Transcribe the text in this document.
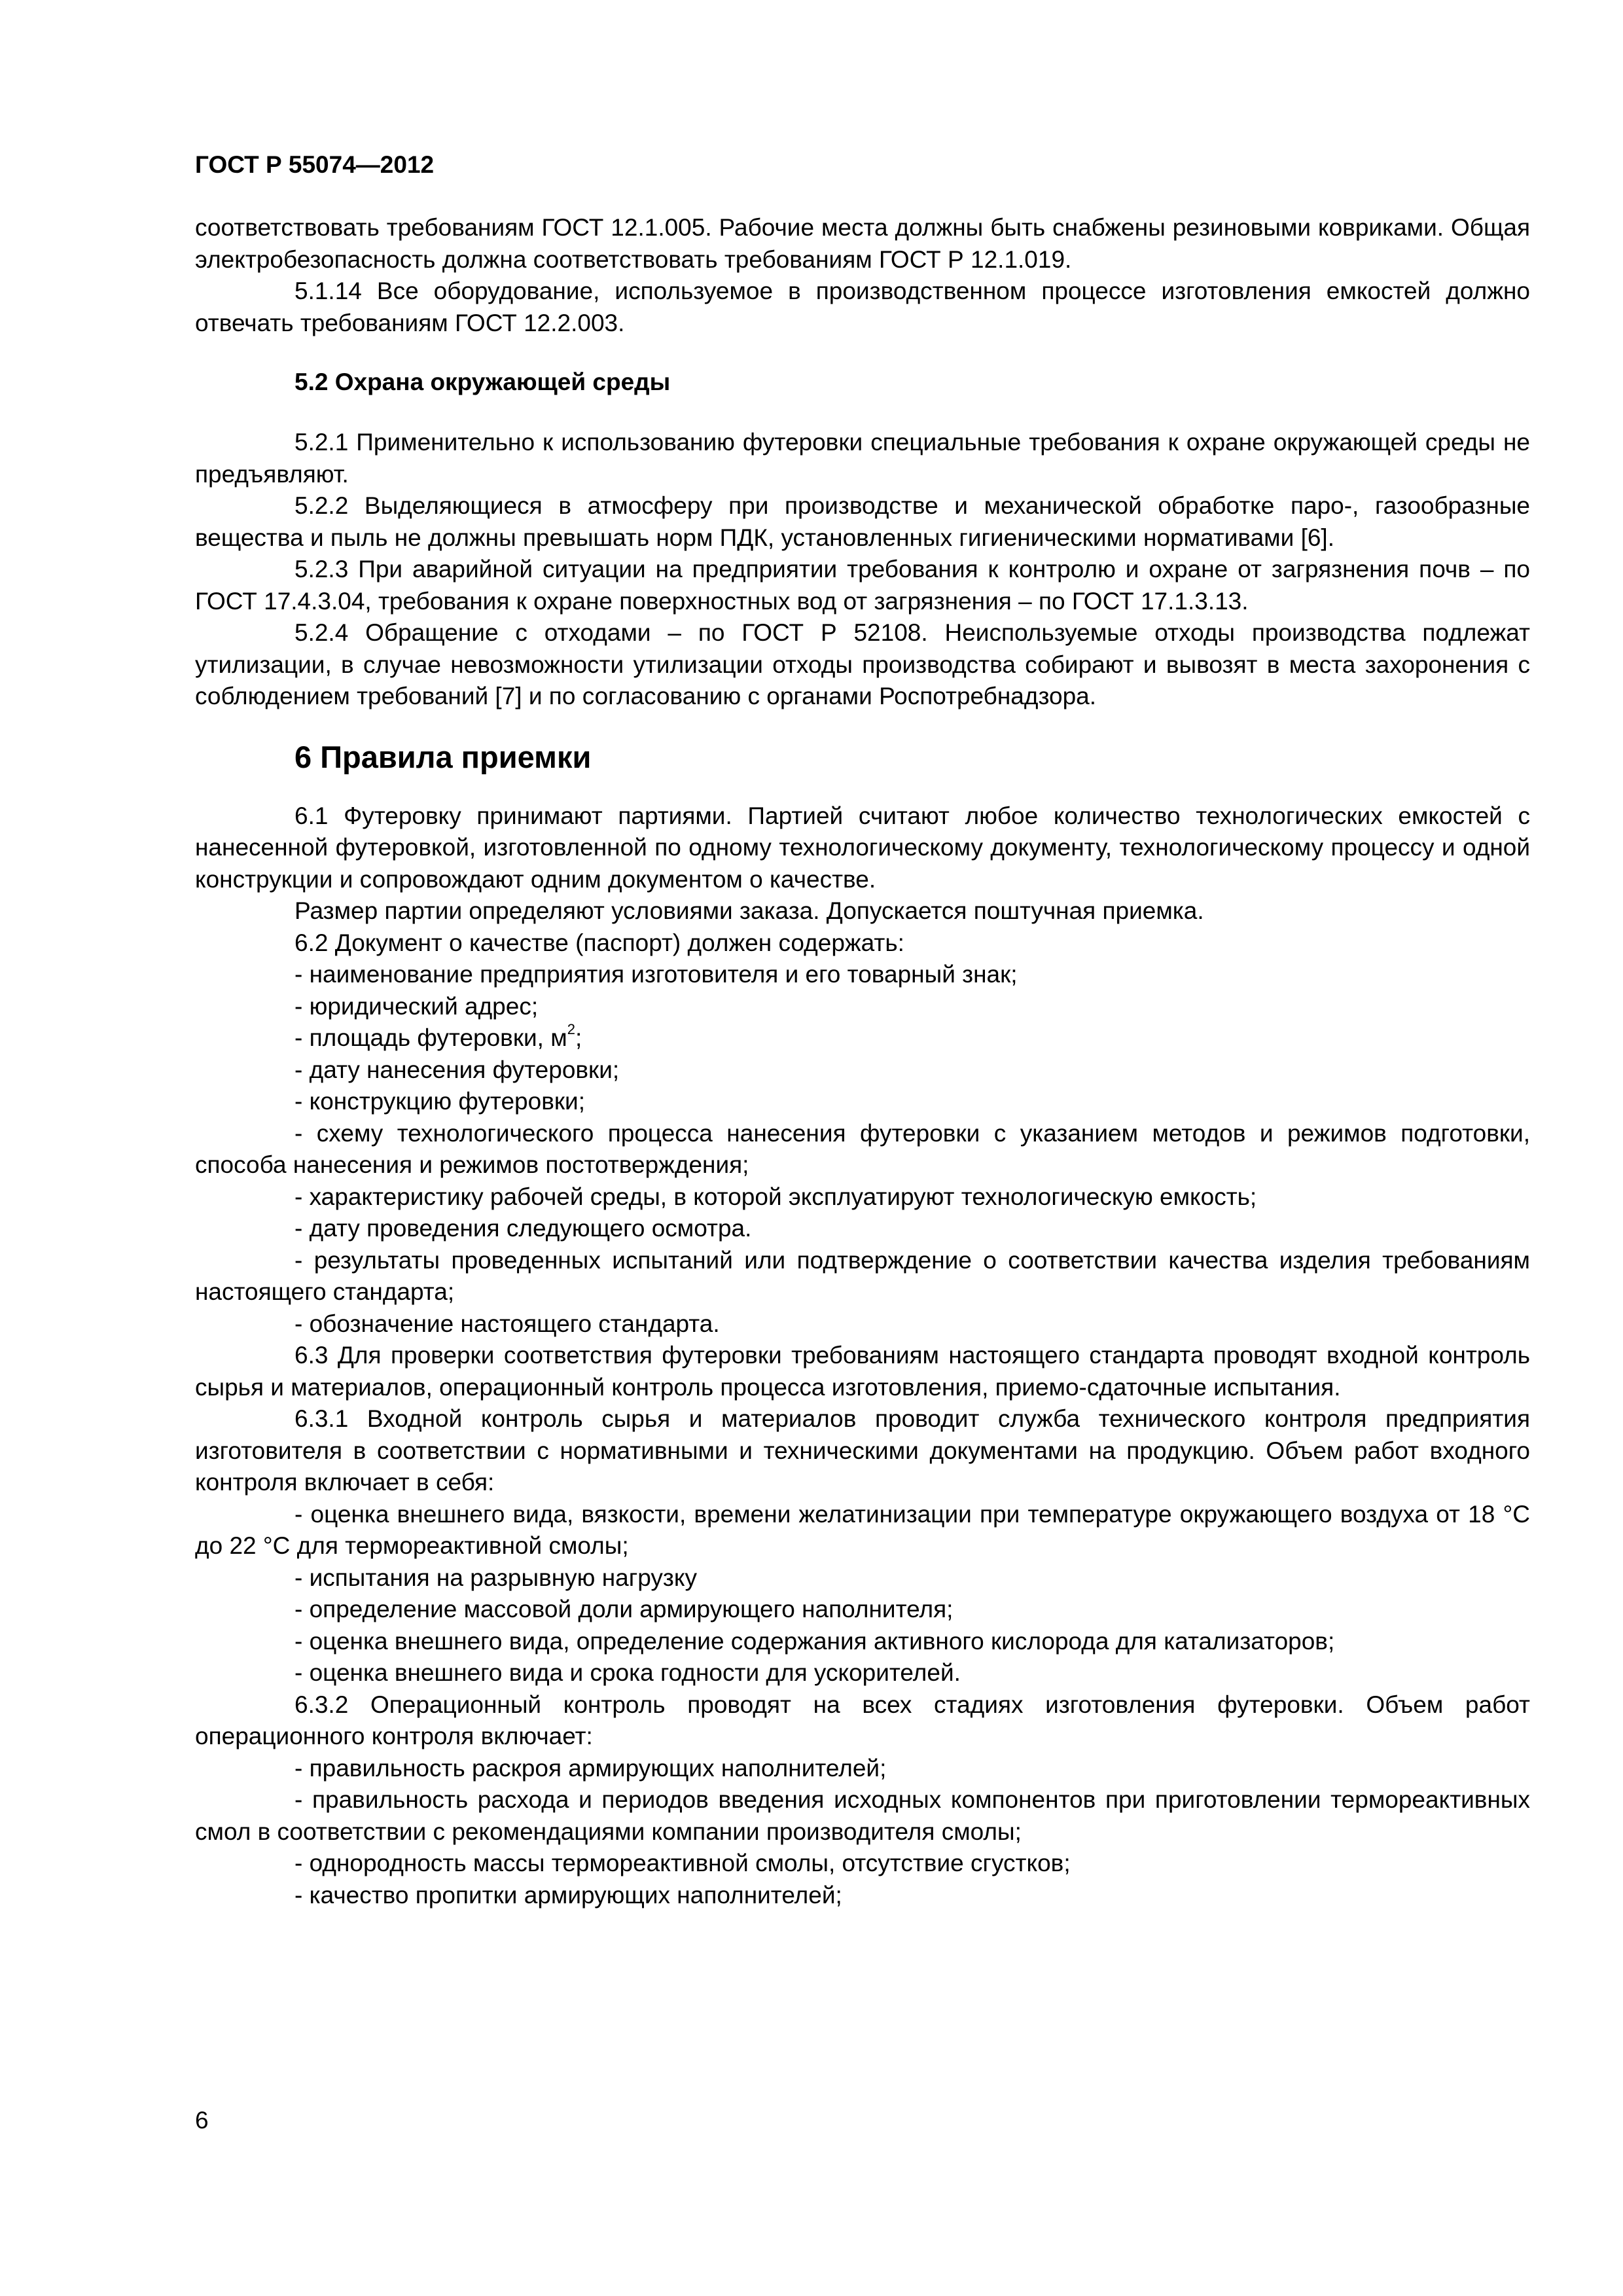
ГОСТ Р 55074—2012

соответствовать требованиям ГОСТ 12.1.005. Рабочие места должны быть снабжены резиновыми ковриками. Общая электробезопасность должна соответствовать требованиям ГОСТ Р 12.1.019.

5.1.14 Все оборудование, используемое в производственном процессе изготовления емкостей должно отвечать требованиям ГОСТ 12.2.003.

5.2 Охрана окружающей среды

5.2.1 Применительно к использованию футеровки специальные требования к охране окружающей среды не предъявляют.

5.2.2 Выделяющиеся в атмосферу при производстве и механической обработке паро-, газообразные вещества и пыль не должны превышать норм ПДК, установленных гигиеническими нормативами [6].

5.2.3 При аварийной ситуации на предприятии требования к контролю и охране от загрязнения почв – по ГОСТ 17.4.3.04, требования к охране поверхностных вод от загрязнения – по ГОСТ 17.1.3.13.

5.2.4 Обращение с отходами – по ГОСТ Р 52108. Неиспользуемые отходы производства подлежат утилизации, в случае невозможности утилизации отходы производства собирают и вывозят в места захоронения с соблюдением требований [7] и по согласованию с органами Роспотребнадзора.

6 Правила приемки

6.1 Футеровку принимают партиями. Партией считают любое количество технологических емкостей с нанесенной футеровкой, изготовленной по одному технологическому документу, технологическому процессу и одной конструкции и сопровождают одним документом о качестве.

Размер партии определяют условиями заказа. Допускается поштучная приемка.

6.2 Документ о качестве (паспорт) должен содержать:

- наименование предприятия изготовителя и его товарный знак;

- юридический адрес;

- площадь футеровки, $м^2$;

- дату нанесения футеровки;

- конструкцию футеровки;

- схему технологического процесса нанесения футеровки с указанием методов и режимов подготовки, способа нанесения и режимов постотверждения;

- характеристику рабочей среды, в которой эксплуатируют технологическую емкость;

- дату проведения следующего осмотра.

- результаты проведенных испытаний или подтверждение о соответствии качества изделия требованиям настоящего стандарта;

- обозначение настоящего стандарта.

6.3 Для проверки соответствия футеровки требованиям настоящего стандарта проводят входной контроль сырья и материалов, операционный контроль процесса изготовления, приемо-сдаточные испытания.

6.3.1 Входной контроль сырья и материалов проводит служба технического контроля предприятия изготовителя в соответствии с нормативными и техническими документами на продукцию. Объем работ входного контроля включает в себя:

- оценка внешнего вида, вязкости, времени желатинизации при температуре окружающего воздуха от 18 °С до 22 °С для термореактивной смолы;

- испытания на разрывную нагрузку

- определение массовой доли армирующего наполнителя;

- оценка внешнего вида, определение содержания активного кислорода для катализаторов;

- оценка внешнего вида и срока годности для ускорителей.

6.3.2 Операционный контроль проводят на всех стадиях изготовления футеровки. Объем работ операционного контроля включает:

- правильность раскроя армирующих наполнителей;

- правильность расхода и периодов введения исходных компонентов при приготовлении термореактивных смол в соответствии с рекомендациями компании производителя смолы;

- однородность массы термореактивной смолы, отсутствие сгустков;

- качество пропитки армирующих наполнителей;

6
